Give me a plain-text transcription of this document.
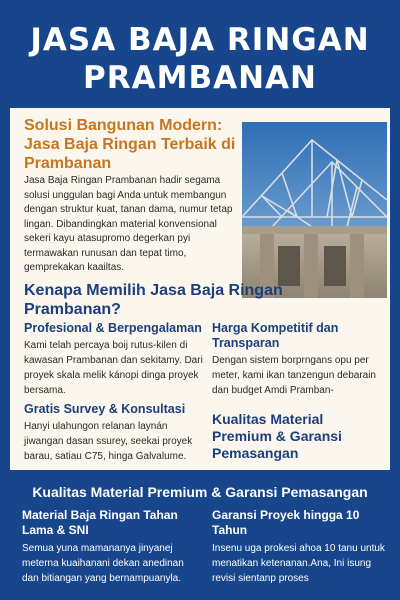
JASA BAJA RINGAN
PRAMBANAN
Solusi Bangunan Modern: Jasa Baja Ringan Terbaik di Prambanan
Jasa Baja Ringan Prambanan hadir segama solusi unggulan bagi Anda untuk membangun dengan struktur kuat, tanan dama, numur tetap lingan. Dibandingkan material konvensional sekeri kayu atasupromo degerkan pyi termawakan runusan dan tepat timo, gemprekakan kaailtas.
Kenapa Memilih Jasa Baja Ringan Prambanan?
Profesional & Berpengalaman
Kami telah percaya boij rutus-kilen di kawasan Prambanan dan sekitamy. Dari proyek skala melik kánopi dinga proyek bersama.
Harga Kompetitif dan Transparan
Dengan sistem borprngans opu per meter, kami ikan tanzengun debarain dan budget Amdi Pramban-
Gratis Survey & Konsultasi
Hanyi ulahungon relanan laynán jiwangan dasan ssurey, seekai proyek barau, satiau C75, hinga Galvalume.
Kualitas Material Premium & Garansi Pemasangan
Kualitas Material Premium & Garansi Pemasangan
Material Baja Ringan Tahan Lama & SNI
Semua yuna mamananya jinyanej meterna kuaihanani dekan anedinan dan bitiangan yang bernampuanyla.
Garansi Proyek hingga 10 Tahun
Insenu uga prokesi ahoa 10 tanu untuk menatikan ketenanan.Ana, Ini isung revisi sientanp proses
